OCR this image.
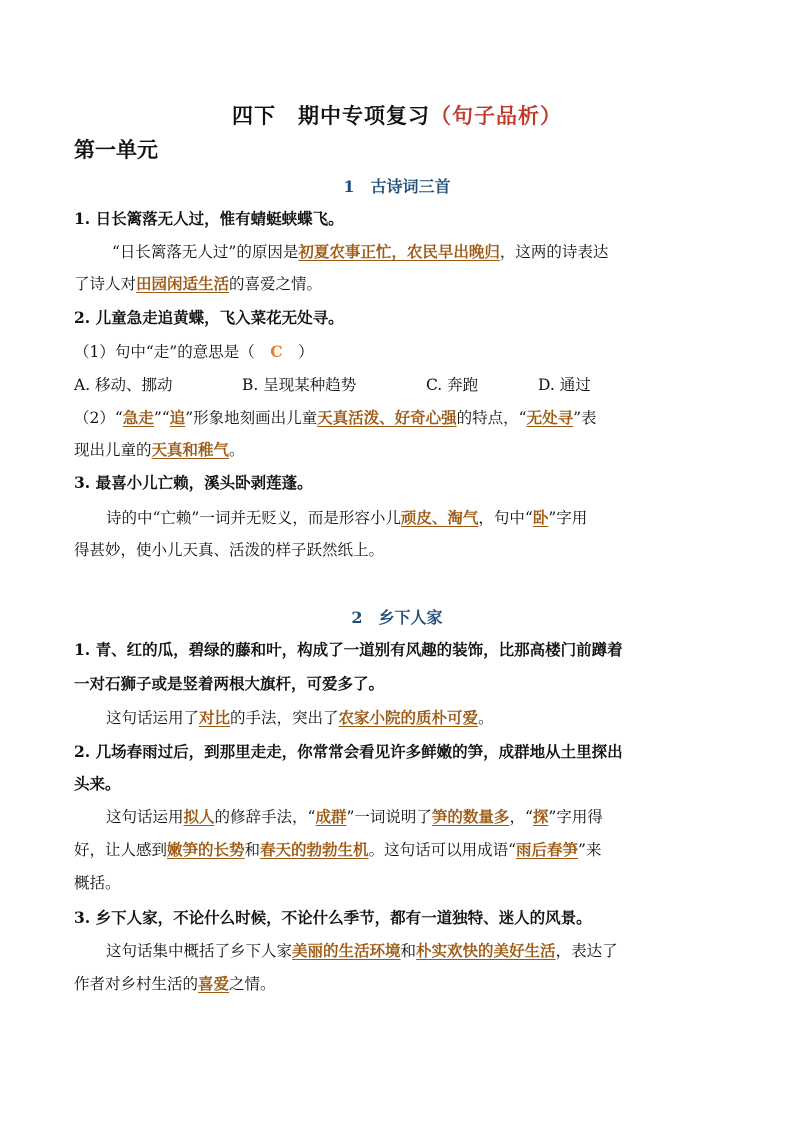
四下　期中专项复习（句子品析）
第一单元
1　古诗词三首
1. 日长篱落无人过，惟有蜻蜓蛱蝶飞。
“日长篱落无人过”的原因是初夏农事正忙，农民早出晚归，这两的诗表达
了诗人对田园闲适生活的喜爱之情。
2. 儿童急走追黄蝶，飞入菜花无处寻。
（1）句中“走”的意思是（　C　）
A. 移动、挪动	B. 呈现某种趋势	C. 奔跑	D. 通过
（2）“急走”“追”形象地刻画出儿童天真活泼、好奇心强的特点，“无处寻”表
现出儿童的天真和稚气。
3. 最喜小儿亡赖，溪头卧剥莲蓬。
诗的中“亡赖”一词并无贬义，而是形容小儿顽皮、淘气，句中“卧”字用
得甚妙，使小儿天真、活泼的样子跃然纸上。
2　乡下人家
1. 青、红的瓜，碧绿的藤和叶，构成了一道别有风趣的装饰，比那高楼门前蹲着
一对石狮子或是竖着两根大旗杆，可爱多了。
这句话运用了对比的手法，突出了农家小院的质朴可爱。
2. 几场春雨过后，到那里走走，你常常会看见许多鲜嫩的笋，成群地从土里探出
头来。
这句话运用拟人的修辞手法，“成群”一词说明了笋的数量多，“探”字用得
好，让人感到嫩笋的长势和春天的勃勃生机。这句话可以用成语“雨后春笋”来
概括。
3. 乡下人家，不论什么时候，不论什么季节，都有一道独特、迷人的风景。
这句话集中概括了乡下人家美丽的生活环境和朴实欢快的美好生活，表达了
作者对乡村生活的喜爱之情。
